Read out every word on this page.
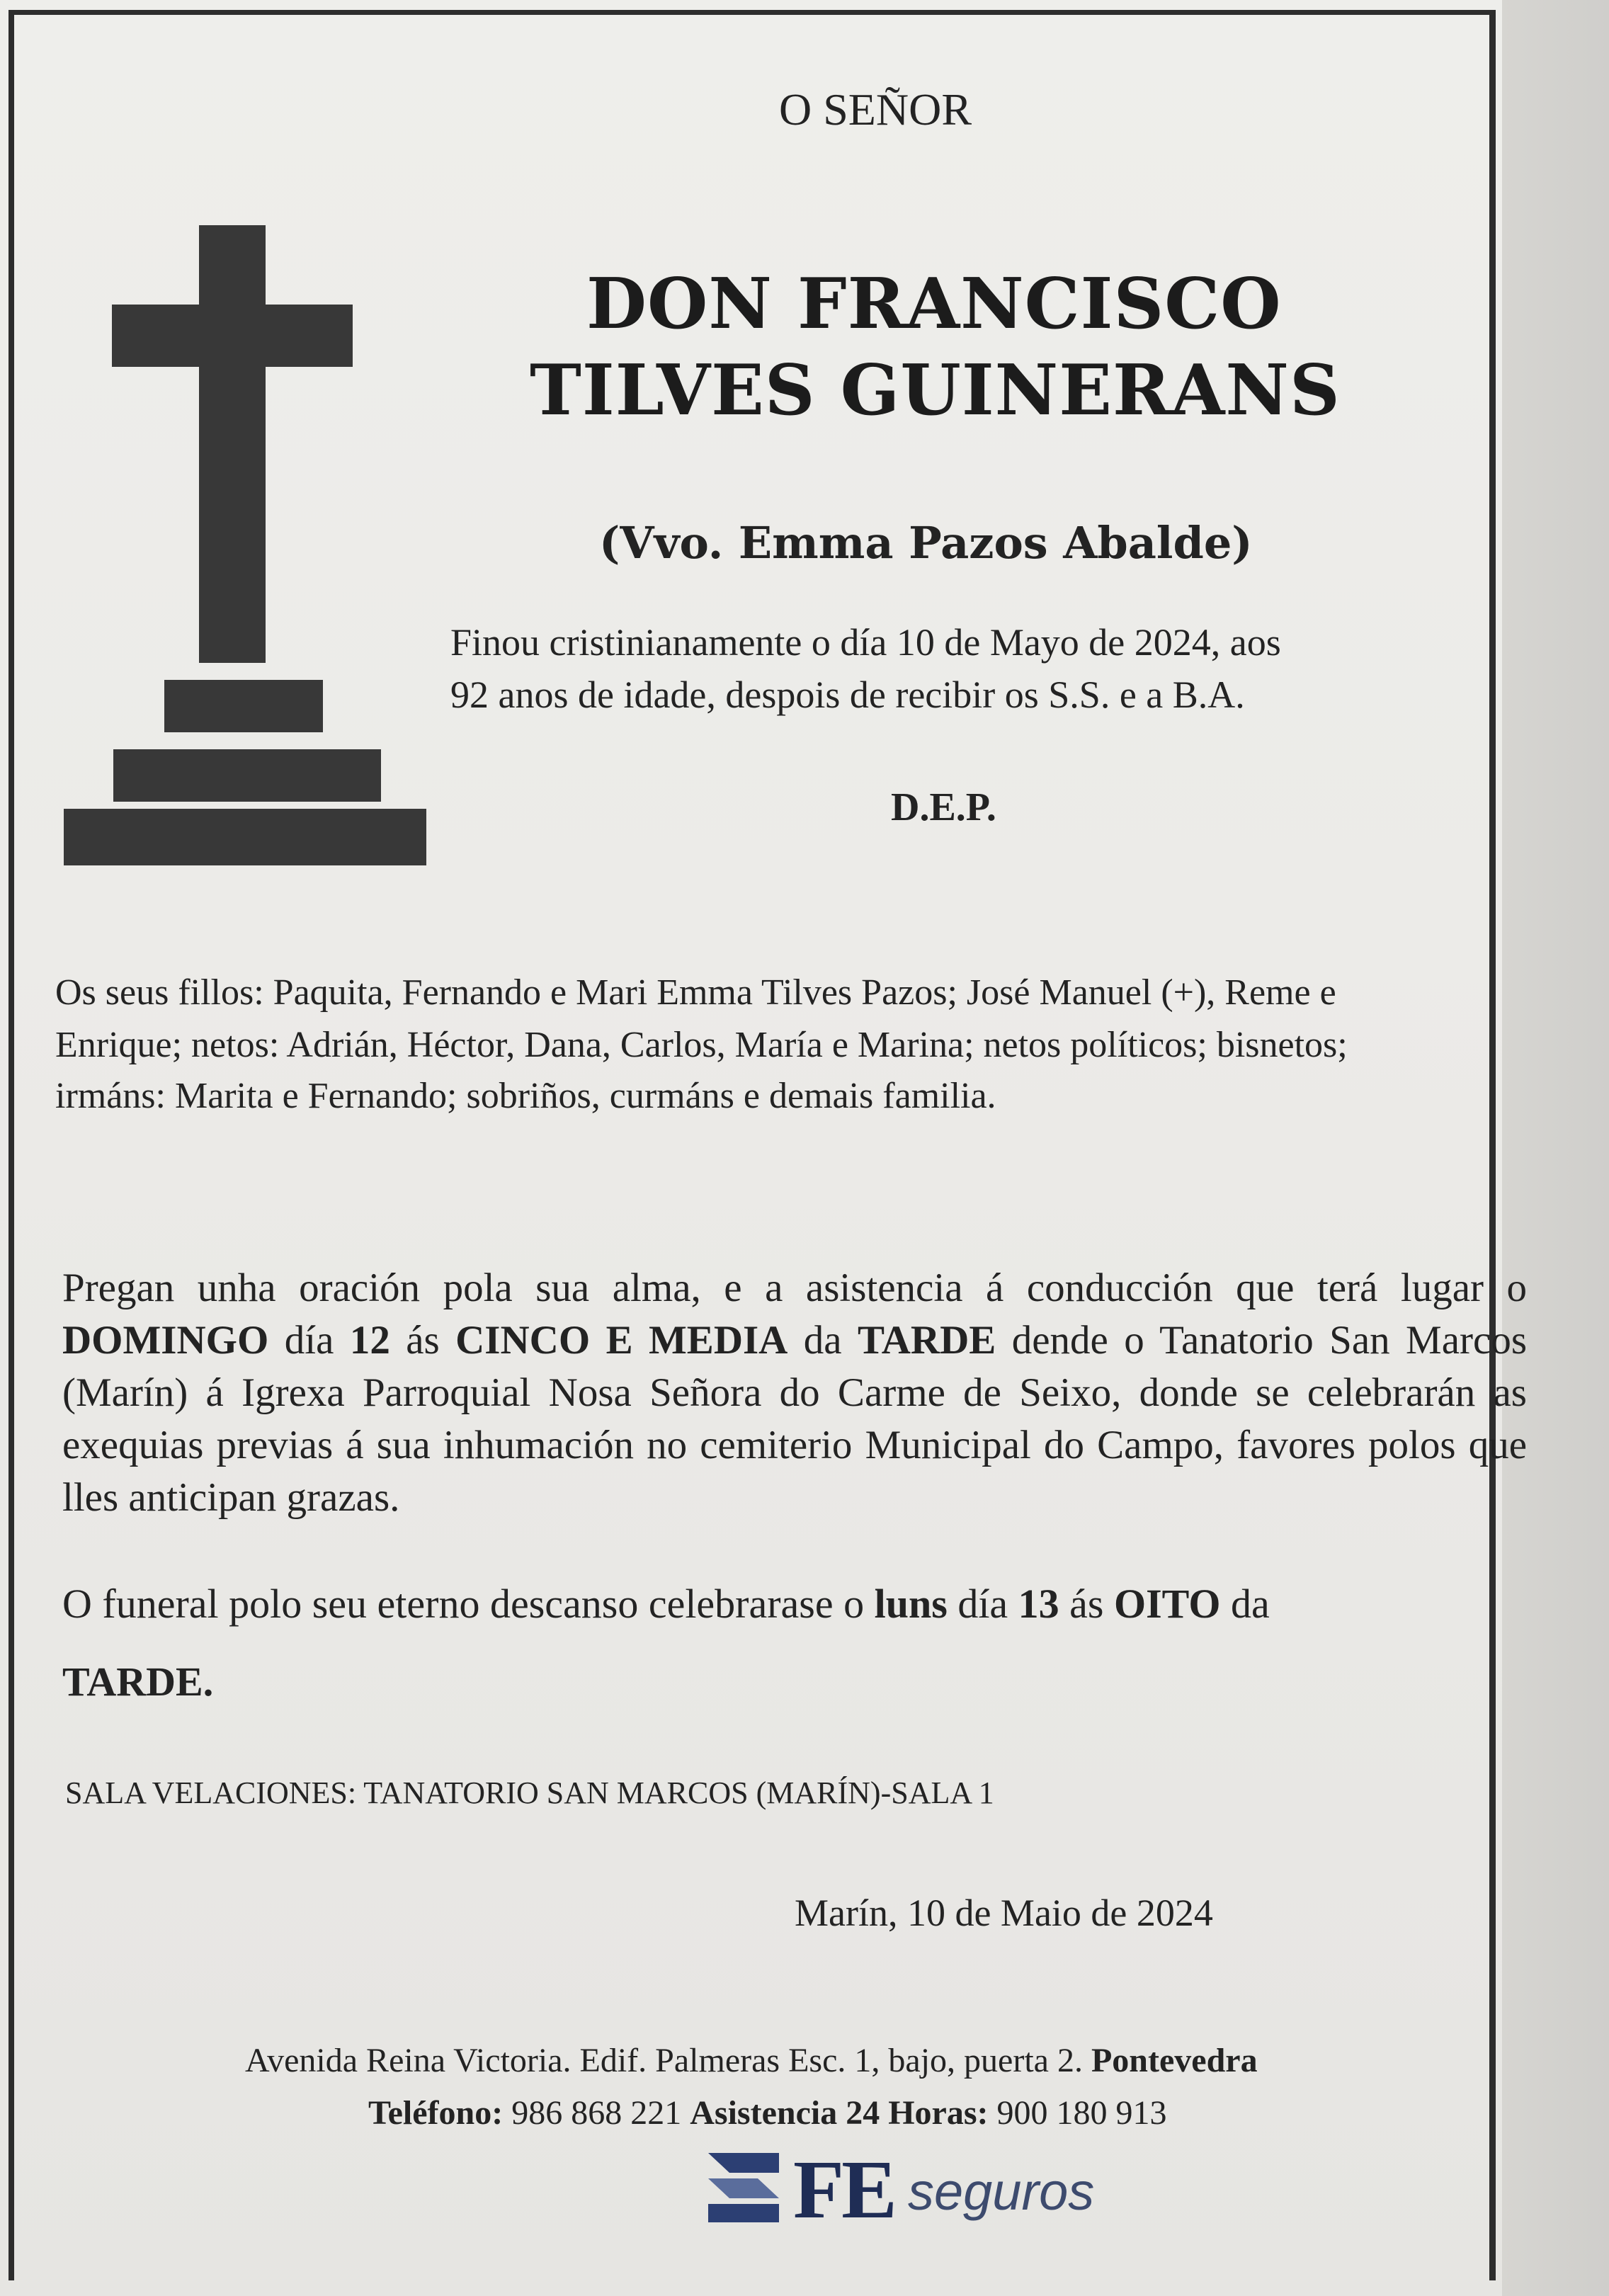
O SEÑOR

DON FRANCISCO

TILVES GUINERANS

(Vvo. Emma Pazos Abalde)

Finou cristinianamente o día 10 de Mayo de 2024, aos

92 anos de idade, despois de recibir os S.S. e a B.A.

D.E.P.

Os seus fillos: Paquita, Fernando e Mari Emma Tilves Pazos; José Manuel (+), Reme e

Enrique; netos: Adrián, Héctor, Dana, Carlos, María e Marina; netos políticos; bisnetos;

irmáns: Marita e Fernando; sobriños, curmáns e demais familia.

Pregan unha oración pola sua alma, e a asistencia á conducción que terá lugar o DOMINGO día 12 ás CINCO E MEDIA da TARDE dende o Tanatorio San Marcos (Marín) á Igrexa Parroquial Nosa Señora do Carme de Seixo, donde se celebrarán as exequias previas á sua inhumación no cemiterio Municipal do Campo, favores polos que lles anticipan grazas.

O funeral polo seu eterno descanso celebrarase o luns día 13 ás OITO da
TARDE.

SALA VELACIONES: TANATORIO SAN MARCOS (MARÍN)-SALA 1

Marín, 10 de Maio de 2024

Avenida Reina Victoria. Edif. Palmeras Esc. 1, bajo, puerta 2. Pontevedra

Teléfono: 986 868 221 Asistencia 24 Horas: 900 180 913

FE seguros
